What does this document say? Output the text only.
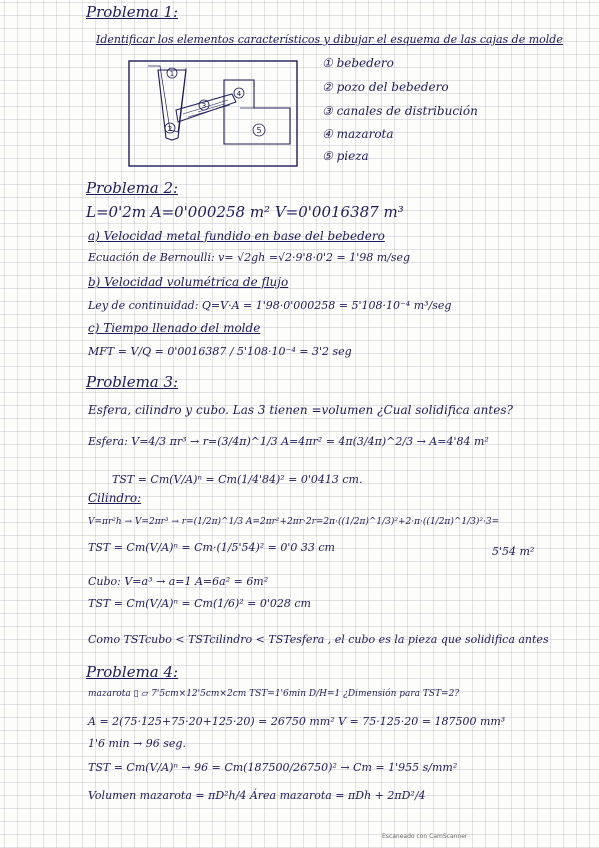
Problema 1:
Identificar los elementos característicos y dibujar el esquema de las cajas de molde
1
2
3
4
5
① bebedero
② pozo del bebedero
③ canales de distribución
④ mazarota
⑤ pieza
Problema 2:
L=0'2m A=0'000258 m² V=0'0016387 m³
a) Velocidad metal fundido en base del bebedero
Ecuación de Bernoulli: v= √2gh =√2·9'8·0'2 = 1'98 m/seg
b) Velocidad volumétrica de flujo
Ley de continuidad: Q=V·A = 1'98·0'000258 = 5'108·10⁻⁴ m³/seg
c) Tiempo llenado del molde
MFT = V/Q = 0'0016387 / 5'108·10⁻⁴ = 3'2 seg
Problema 3:
Esfera, cilindro y cubo. Las 3 tienen =volumen ¿Cual solidifica antes?
Esfera: V=4/3 πr³ → r=(3/4π)^1/3 A=4πr² = 4π(3/4π)^2/3 → A=4'84 m²
TST = Cm(V/A)ⁿ = Cm(1/4'84)² = 0'0413 cm.
Cilindro:
V=πr²h → V=2πr³ → r=(1/2π)^1/3 A=2πr²+2πr·2r=2π·((1/2π)^1/3)²+2·π·((1/2π)^1/3)²·3=
TST = Cm(V/A)ⁿ = Cm·(1/5'54)² = 0'0 33 cm	5'54 m²
Cubo: V=a³ → a=1 A=6a² = 6m²
TST = Cm(V/A)ⁿ = Cm(1/6)² = 0'028 cm
Como TSTcubo < TSTcilindro < TSTesfera , el cubo es la pieza que solidifica antes
Problema 4:
mazarota ▯ ▱ 7'5cm×12'5cm×2cm TST=1'6min D/H=1 ¿Dimensión para TST=2?
A = 2(75·125+75·20+125·20) = 26750 mm² V = 75·125·20 = 187500 mm³
1'6 min → 96 seg.
TST = Cm(V/A)ⁿ → 96 = Cm(187500/26750)² → Cm = 1'955 s/mm²
Volumen mazarota = πD²h/4 Área mazarota = πDh + 2πD²/4
Escaneado con CamScanner
